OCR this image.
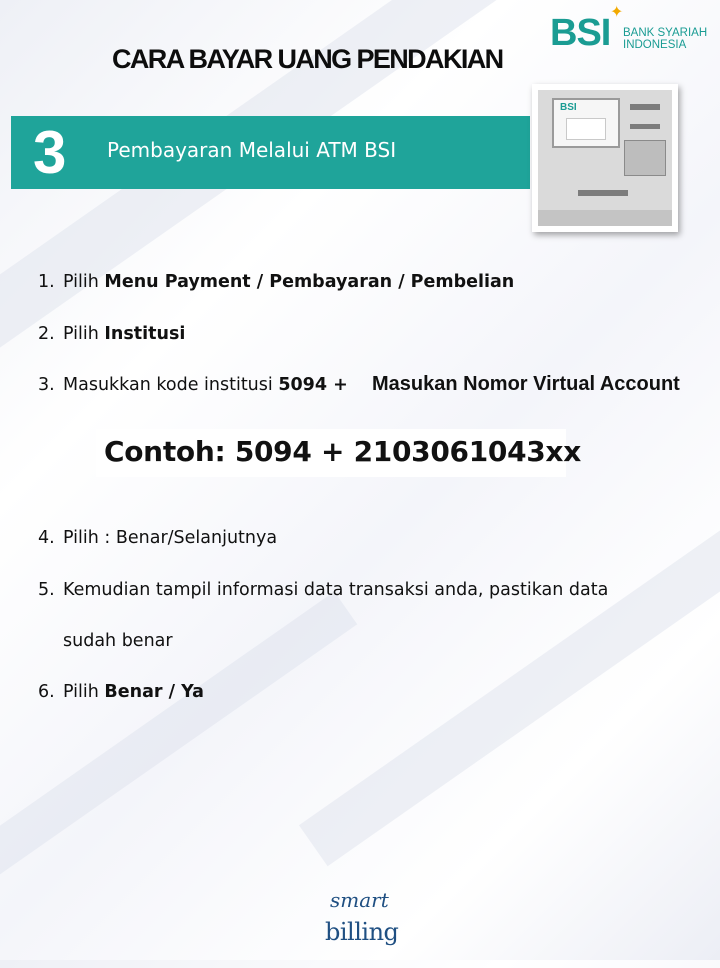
CARA BAYAR UANG PENDAKIAN
BSI
✦
BANK SYARIAH
INDONESIA
3 Pembayaran Melalui ATM BSI
BSI
1. Pilih Menu Payment / Pembayaran / Pembelian
2. Pilih Institusi
3. Masukkan kode institusi 5094 +
4. Pilih : Benar/Selanjutnya
5. Kemudian tampil informasi data transaksi anda, pastikan data
sudah benar
6. Pilih Benar / Ya
Masukan Nomor Virtual Account
Contoh: 5094 + 2103061043xx
smart
billing
